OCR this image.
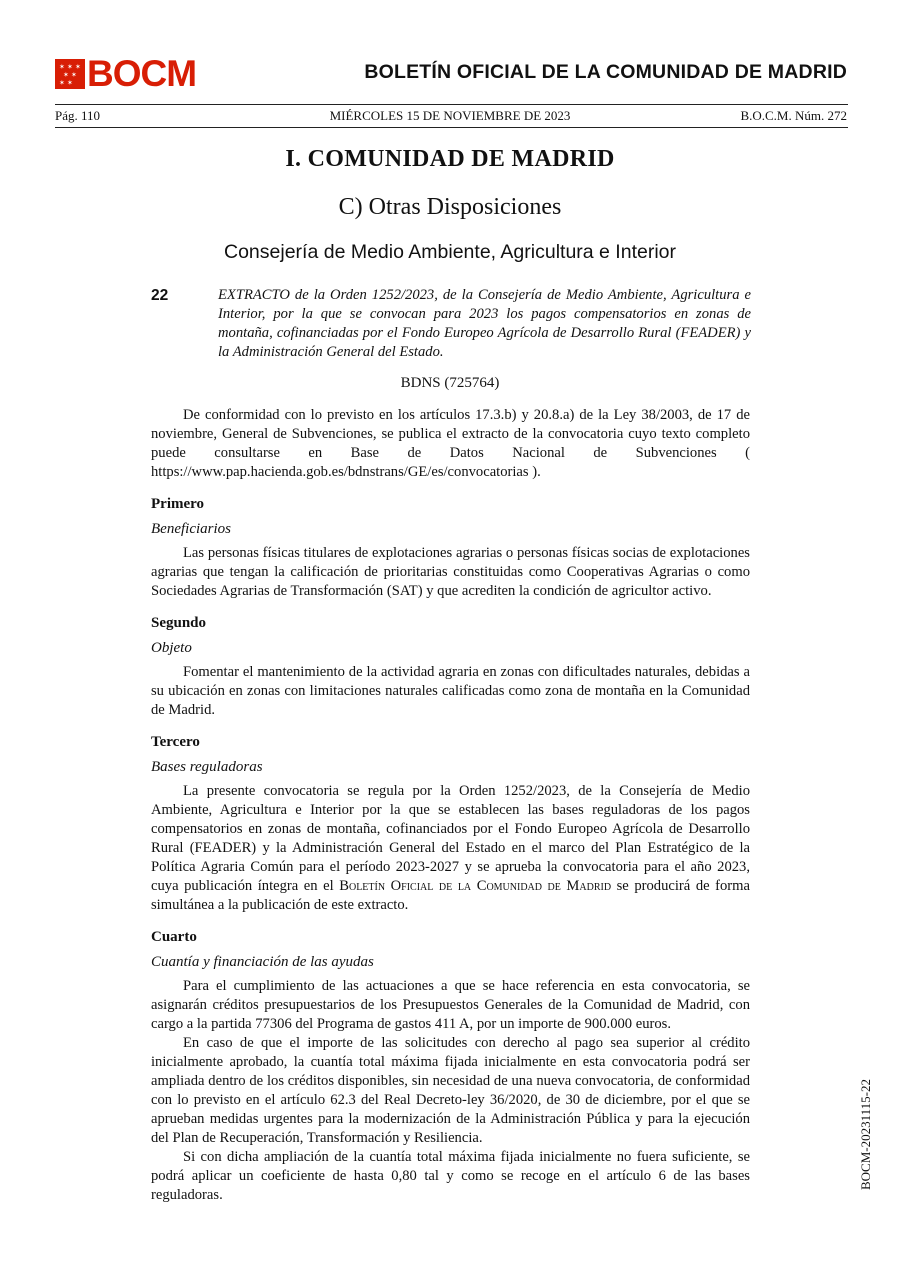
✶ ✶ ✶
✶ ✶
✶ ✶ BOCM	BOLETÍN OFICIAL DE LA COMUNIDAD DE MADRID
Pág. 110	MIÉRCOLES 15 DE NOVIEMBRE DE 2023	B.O.C.M. Núm. 272
I. COMUNIDAD DE MADRID
C) Otras Disposiciones
Consejería de Medio Ambiente, Agricultura e Interior
22	EXTRACTO de la Orden 1252/2023, de la Consejería de Medio Ambiente, Agricultura e Interior, por la que se convocan para 2023 los pagos compensatorios en zonas de montaña, cofinanciadas por el Fondo Europeo Agrícola de Desarrollo Rural (FEADER) y la Administración General del Estado.
BDNS (725764)

De conformidad con lo previsto en los artículos 17.3.b) y 20.8.a) de la Ley 38/2003, de 17 de noviembre, General de Subvenciones, se publica el extracto de la convocatoria cuyo texto completo puede consultarse en Base de Datos Nacional de Subvenciones ( https://www.pap.hacienda.gob.es/bdnstrans/GE/es/convocatorias ).

Primero
Beneficiarios

Las personas físicas titulares de explotaciones agrarias o personas físicas socias de explotaciones agrarias que tengan la calificación de prioritarias constituidas como Cooperativas Agrarias o como Sociedades Agrarias de Transformación (SAT) y que acrediten la condición de agricultor activo.

Segundo
Objeto

Fomentar el mantenimiento de la actividad agraria en zonas con dificultades naturales, debidas a su ubicación en zonas con limitaciones naturales calificadas como zona de montaña en la Comunidad de Madrid.

Tercero
Bases reguladoras

La presente convocatoria se regula por la Orden 1252/2023, de la Consejería de Medio Ambiente, Agricultura e Interior por la que se establecen las bases reguladoras de los pagos compensatorios en zonas de montaña, cofinanciados por el Fondo Europeo Agrícola de Desarrollo Rural (FEADER) y la Administración General del Estado en el marco del Plan Estratégico de la Política Agraria Común para el período 2023-2027 y se aprueba la convocatoria para el año 2023, cuya publicación íntegra en el Boletín Oficial de la Comunidad de Madrid se producirá de forma simultánea a la publicación de este extracto.

Cuarto
Cuantía y financiación de las ayudas

Para el cumplimiento de las actuaciones a que se hace referencia en esta convocatoria, se asignarán créditos presupuestarios de los Presupuestos Generales de la Comunidad de Madrid, con cargo a la partida 77306 del Programa de gastos 411 A, por un importe de 900.000 euros.

En caso de que el importe de las solicitudes con derecho al pago sea superior al crédito inicialmente aprobado, la cuantía total máxima fijada inicialmente en esta convocatoria podrá ser ampliada dentro de los créditos disponibles, sin necesidad de una nueva convocatoria, de conformidad con lo previsto en el artículo 62.3 del Real Decreto-ley 36/2020, de 30 de diciembre, por el que se aprueban medidas urgentes para la modernización de la Administración Pública y para la ejecución del Plan de Recuperación, Transformación y Resiliencia.

Si con dicha ampliación de la cuantía total máxima fijada inicialmente no fuera suficiente, se podrá aplicar un coeficiente de hasta 0,80 tal y como se recoge en el artículo 6 de las bases reguladoras.

BOCM-20231115-22
